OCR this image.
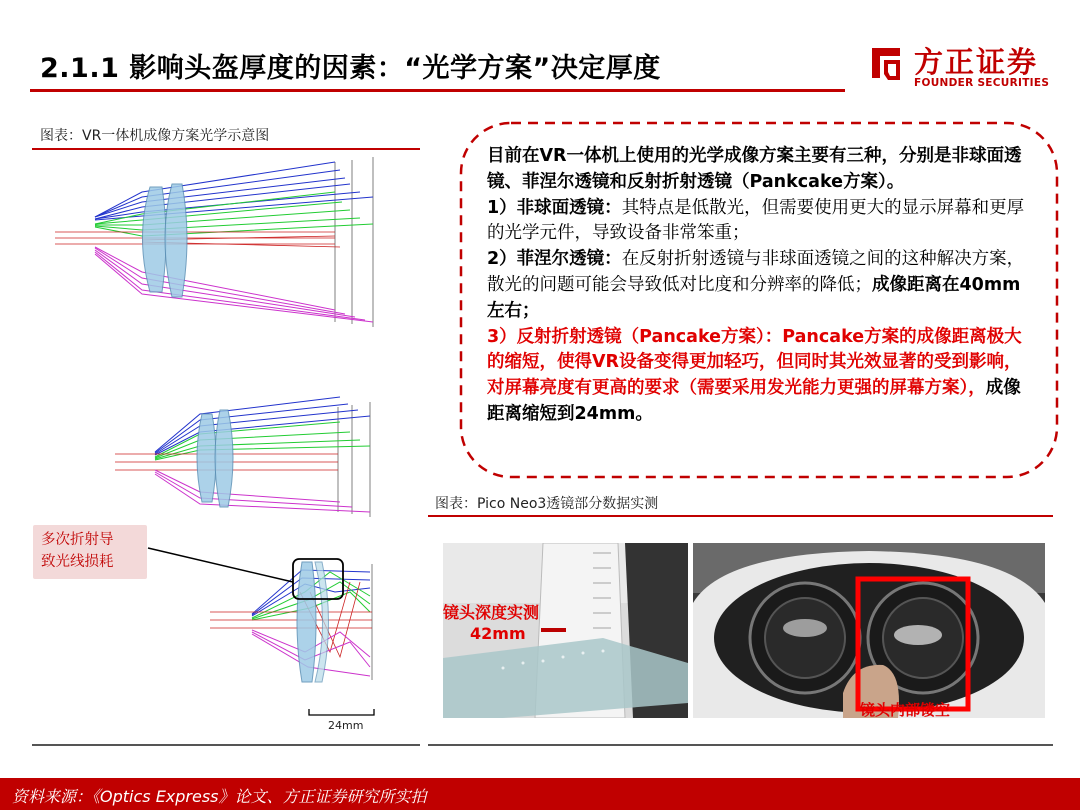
2.1.1 影响头盔厚度的因素：“光学方案”决定厚度	方正证券
FOUNDER SECURITIES
图表：VR一体机成像方案光学示意图
24mm
多次折射导
致光线损耗

目前在VR一体机上使用的光学成像方案主要有三种，分别是非球面透镜、菲涅尔透镜和反射折射透镜（Pankcake方案）。

1）非球面透镜：其特点是低散光，但需要使用更大的显示屏幕和更厚的光学元件，导致设备非常笨重；

2）菲涅尔透镜：在反射折射透镜与非球面透镜之间的这种解决方案，散光的问题可能会导致低对比度和分辨率的降低；成像距离在40mm左右；

3）反射折射透镜（Pancake方案）：Pancake方案的成像距离极大的缩短，使得VR设备变得更加轻巧，但同时其光效显著的受到影响，对屏幕亮度有更高的要求（需要采用发光能力更强的屏幕方案），成像距离缩短到24mm。

图表：Pico Neo3透镜部分数据实测
镜头深度实测
42mm
镜头内部镂空
资料来源：《Optics Express》论文、方正证券研究所实拍
